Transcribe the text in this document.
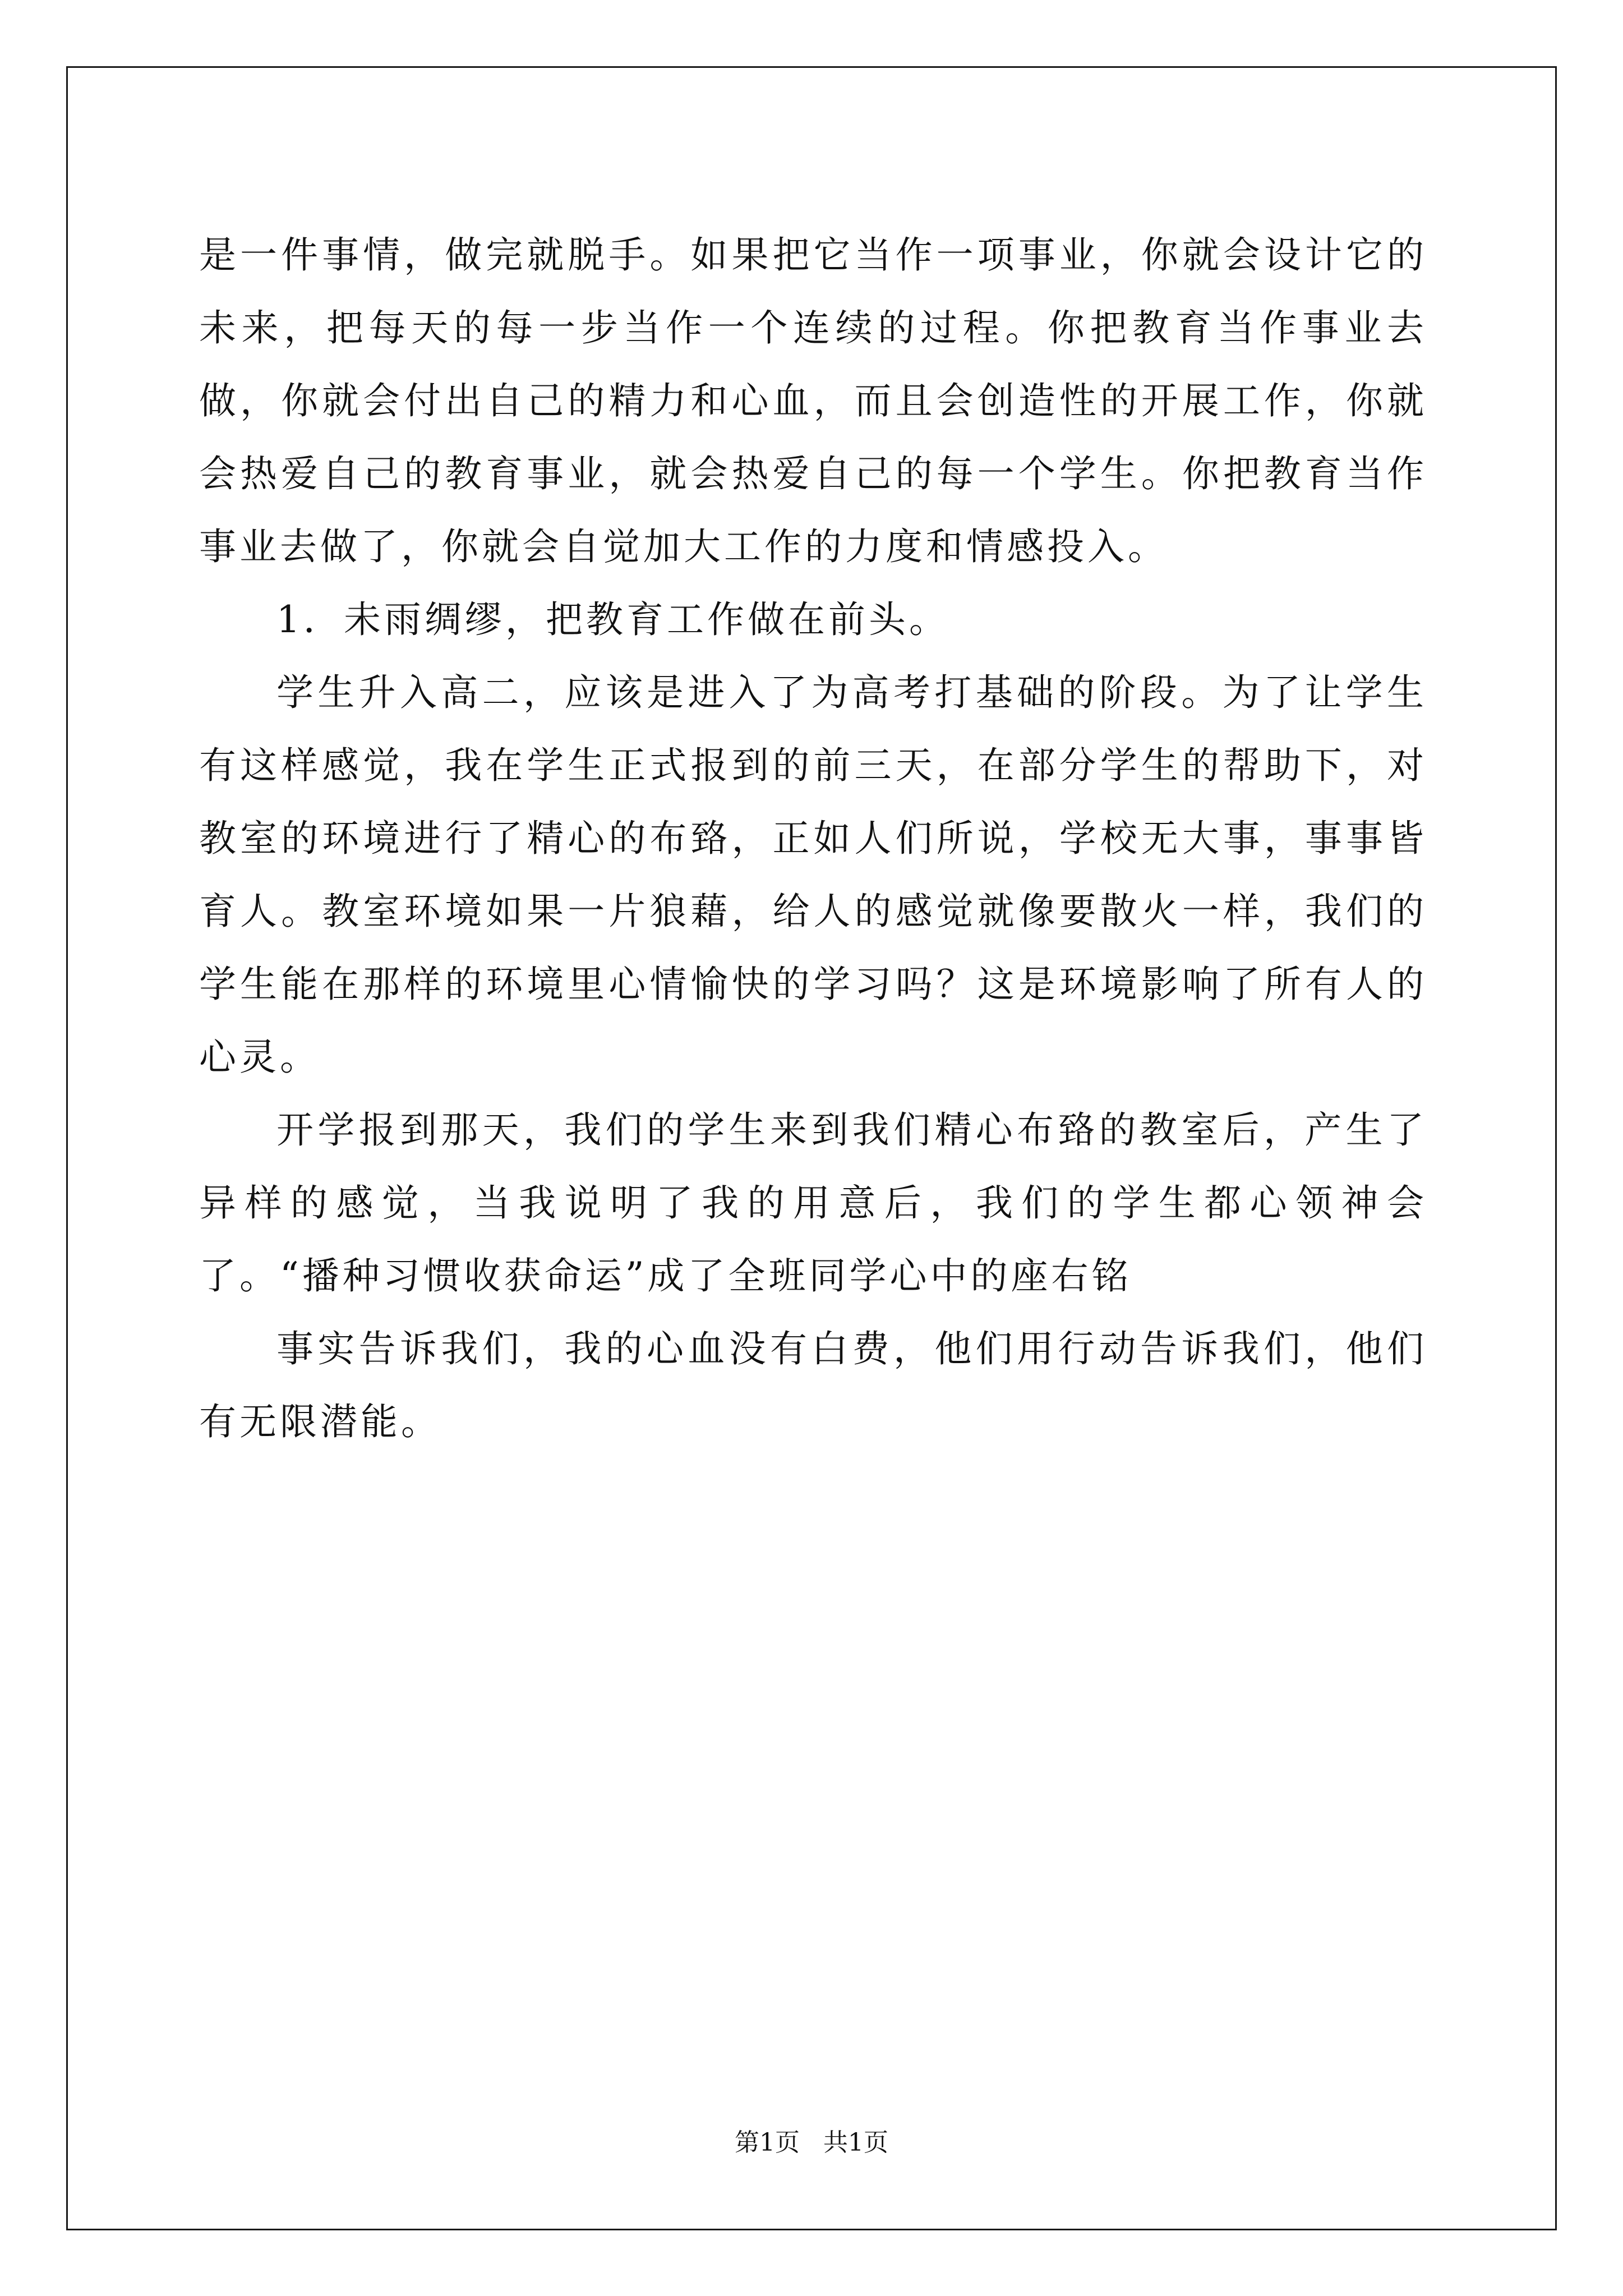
是一件事情，做完就脱手。如果把它当作一项事业，你就会设计它的未来，把每天的每一步当作一个连续的过程。你把教育当作事业去做，你就会付出自己的精力和心血，而且会创造性的开展工作，你就会热爱自己的教育事业，就会热爱自己的每一个学生。你把教育当作事业去做了，你就会自觉加大工作的力度和情感投入。

1．未雨绸缪，把教育工作做在前头。

学生升入高二，应该是进入了为高考打基础的阶段。为了让学生有这样感觉，我在学生正式报到的前三天，在部分学生的帮助下，对教室的环境进行了精心的布臵，正如人们所说，学校无大事，事事皆育人。教室环境如果一片狼藉，给人的感觉就像要散火一样，我们的学生能在那样的环境里心情愉快的学习吗？这是环境影响了所有人的心灵。

开学报到那天，我们的学生来到我们精心布臵的教室后，产生了异样的感觉，当我说明了我的用意后，我们的学生都心领神会了。“播种习惯收获命运”成了全班同学心中的座右铭

事实告诉我们，我的心血没有白费，他们用行动告诉我们，他们有无限潜能。

第1页   共1页
